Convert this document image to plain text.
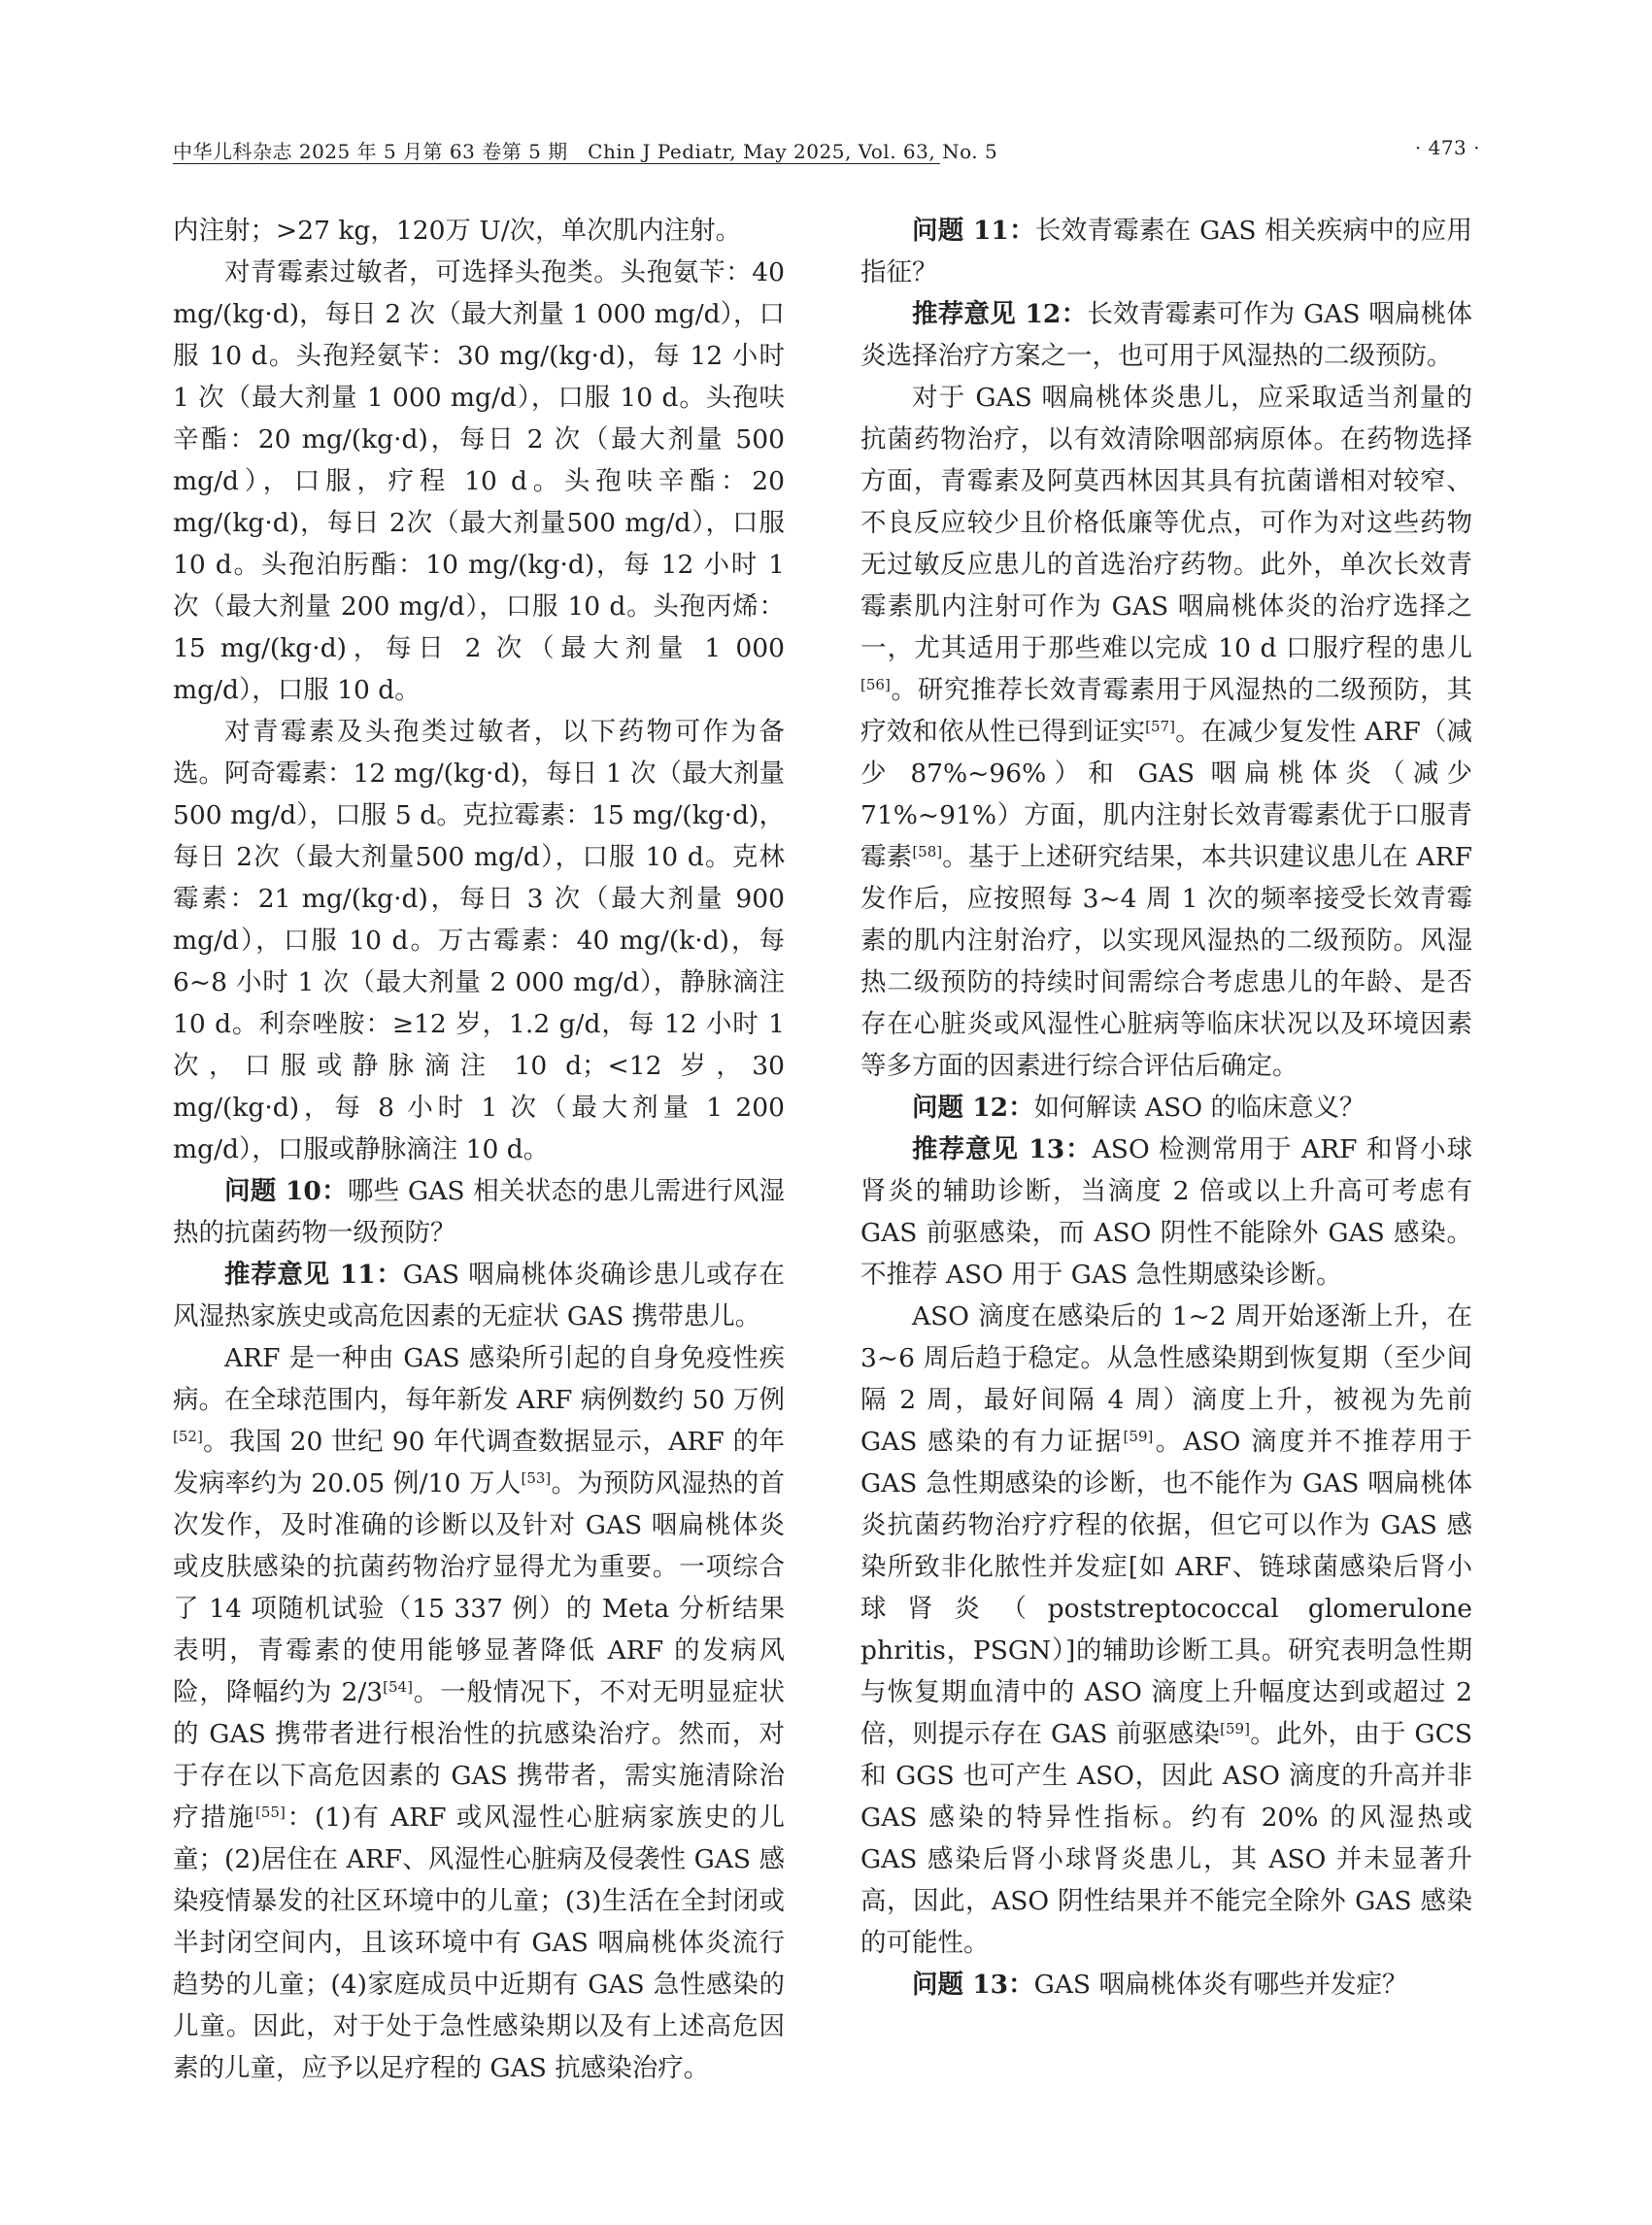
中华儿科杂志 2025 年 5 月第 63 卷第 5 期　Chin J Pediatr, May 2025, Vol. 63, No. 5	· 473 ·

内注射；>27 kg，120万 U/次，单次肌内注射。

对青霉素过敏者，可选择头孢类。头孢氨苄：40 mg/(kg·d)，每日 2 次（最大剂量 1 000 mg/d），口服 10 d。头孢羟氨苄：30 mg/(kg·d)，每 12 小时 1 次（最大剂量 1 000 mg/d），口服 10 d。头孢呋辛酯：20 mg/(kg·d)，每日 2 次（最大剂量 500 mg/d），口服，疗程 10 d。头孢呋辛酯：20 mg/(kg·d)，每日 2次（最大剂量500 mg/d），口服 10 d。头孢泊肟酯：10 mg/(kg·d)，每 12 小时 1 次（最大剂量 200 mg/d），口服 10 d。头孢丙烯：15 mg/(kg·d)，每日 2 次（最大剂量 1 000 mg/d），口服 10 d。

对青霉素及头孢类过敏者，以下药物可作为备选。阿奇霉素：12 mg/(kg·d)，每日 1 次（最大剂量 500 mg/d），口服 5 d。克拉霉素：15 mg/(kg·d)，每日 2次（最大剂量500 mg/d），口服 10 d。克林霉素：21 mg/(kg·d)，每日 3 次（最大剂量 900 mg/d），口服 10 d。万古霉素：40 mg/(k·d)，每 6~8 小时 1 次（最大剂量 2 000 mg/d），静脉滴注 10 d。利奈唑胺：≥12 岁，1.2 g/d，每 12 小时 1 次，口服或静脉滴注 10 d；<12 岁，30 mg/(kg·d)，每 8 小时 1 次（最大剂量 1 200 mg/d），口服或静脉滴注 10 d。

问题 10：哪些 GAS 相关状态的患儿需进行风湿热的抗菌药物一级预防？

推荐意见 11：GAS 咽扁桃体炎确诊患儿或存在风湿热家族史或高危因素的无症状 GAS 携带患儿。

ARF 是一种由 GAS 感染所引起的自身免疫性疾病。在全球范围内，每年新发 ARF 病例数约 50 万例[52]。我国 20 世纪 90 年代调查数据显示，ARF 的年发病率约为 20.05 例/10 万人[53]。为预防风湿热的首次发作，及时准确的诊断以及针对 GAS 咽扁桃体炎或皮肤感染的抗菌药物治疗显得尤为重要。一项综合了 14 项随机试验（15 337 例）的 Meta 分析结果表明，青霉素的使用能够显著降低 ARF 的发病风险，降幅约为 2/3[54]。一般情况下，不对无明显症状的 GAS 携带者进行根治性的抗感染治疗。然而，对于存在以下高危因素的 GAS 携带者，需实施清除治疗措施[55]：(1)有 ARF 或风湿性心脏病家族史的儿童；(2)居住在 ARF、风湿性心脏病及侵袭性 GAS 感染疫情暴发的社区环境中的儿童；(3)生活在全封闭或半封闭空间内，且该环境中有 GAS 咽扁桃体炎流行趋势的儿童；(4)家庭成员中近期有 GAS 急性感染的儿童。因此，对于处于急性感染期以及有上述高危因素的儿童，应予以足疗程的 GAS 抗感染治疗。

问题 11：长效青霉素在 GAS 相关疾病中的应用指征？

推荐意见 12：长效青霉素可作为 GAS 咽扁桃体炎选择治疗方案之一，也可用于风湿热的二级预防。

对于 GAS 咽扁桃体炎患儿，应采取适当剂量的抗菌药物治疗，以有效清除咽部病原体。在药物选择方面，青霉素及阿莫西林因其具有抗菌谱相对较窄、不良反应较少且价格低廉等优点，可作为对这些药物无过敏反应患儿的首选治疗药物。此外，单次长效青霉素肌内注射可作为 GAS 咽扁桃体炎的治疗选择之一，尤其适用于那些难以完成 10 d 口服疗程的患儿[56]。研究推荐长效青霉素用于风湿热的二级预防，其疗效和依从性已得到证实[57]。在减少复发性 ARF（减少 87%~96%）和 GAS 咽扁桃体炎（减少 71%~91%）方面，肌内注射长效青霉素优于口服青霉素[58]。基于上述研究结果，本共识建议患儿在 ARF 发作后，应按照每 3~4 周 1 次的频率接受长效青霉素的肌内注射治疗，以实现风湿热的二级预防。风湿热二级预防的持续时间需综合考虑患儿的年龄、是否存在心脏炎或风湿性心脏病等临床状况以及环境因素等多方面的因素进行综合评估后确定。

问题 12：如何解读 ASO 的临床意义？

推荐意见 13：ASO 检测常用于 ARF 和肾小球肾炎的辅助诊断，当滴度 2 倍或以上升高可考虑有 GAS 前驱感染，而 ASO 阴性不能除外 GAS 感染。不推荐 ASO 用于 GAS 急性期感染诊断。

ASO 滴度在感染后的 1~2 周开始逐渐上升，在 3~6 周后趋于稳定。从急性感染期到恢复期（至少间隔 2 周，最好间隔 4 周）滴度上升，被视为先前 GAS 感染的有力证据[59]。ASO 滴度并不推荐用于 GAS 急性期感染的诊断，也不能作为 GAS 咽扁桃体炎抗菌药物治疗疗程的依据，但它可以作为 GAS 感染所致非化脓性并发症[如 ARF、链球菌感染后肾小球肾炎（poststreptococcal glomerulone phritis，PSGN）]的辅助诊断工具。研究表明急性期与恢复期血清中的 ASO 滴度上升幅度达到或超过 2 倍，则提示存在 GAS 前驱感染[59]。此外，由于 GCS 和 GGS 也可产生 ASO，因此 ASO 滴度的升高并非 GAS 感染的特异性指标。约有 20% 的风湿热或 GAS 感染后肾小球肾炎患儿，其 ASO 并未显著升高，因此，ASO 阴性结果并不能完全除外 GAS 感染的可能性。

问题 13：GAS 咽扁桃体炎有哪些并发症？
